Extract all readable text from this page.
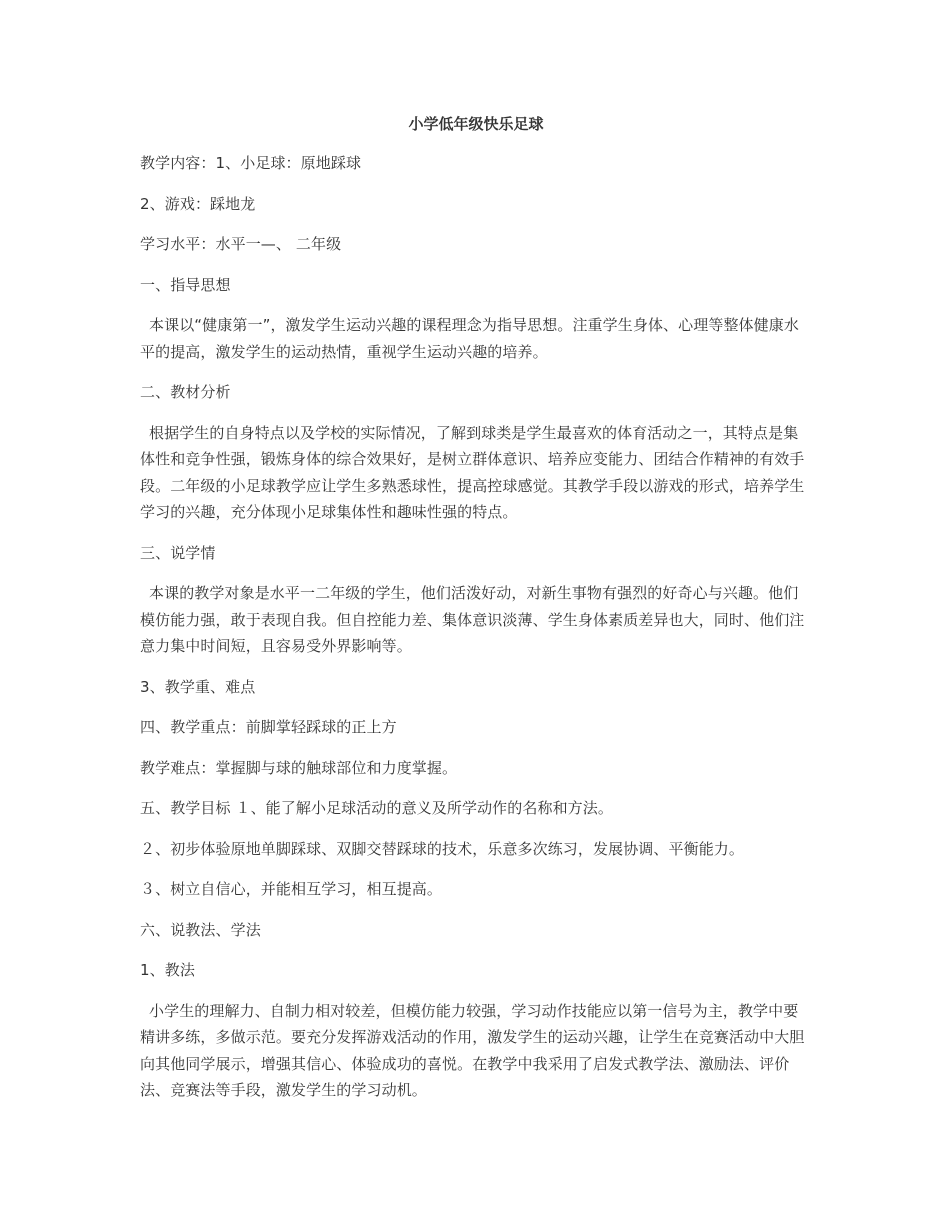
小学低年级快乐足球
教学内容：1、小足球：原地踩球
2、游戏：踩地龙
学习水平：水平一—、 二年级
一、指导思想
本课以“健康第一”，激发学生运动兴趣的课程理念为指导思想。注重学生身体、心理等整体健康水平的提高，激发学生的运动热情，重视学生运动兴趣的培养。
二、教材分析
根据学生的自身特点以及学校的实际情况，了解到球类是学生最喜欢的体育活动之一，其特点是集体性和竞争性强，锻炼身体的综合效果好，是树立群体意识、培养应变能力、团结合作精神的有效手段。二年级的小足球教学应让学生多熟悉球性，提高控球感觉。其教学手段以游戏的形式，培养学生学习的兴趣，充分体现小足球集体性和趣味性强的特点。
三、说学情
本课的教学对象是水平一二年级的学生，他们活泼好动，对新生事物有强烈的好奇心与兴趣。他们模仿能力强，敢于表现自我。但自控能力差、集体意识淡薄、学生身体素质差异也大，同时、他们注意力集中时间短，且容易受外界影响等。
3、教学重、难点
四、教学重点：前脚掌轻踩球的正上方
教学难点：掌握脚与球的触球部位和力度掌握。
五、教学目标 １、能了解小足球活动的意义及所学动作的名称和方法。
２、初步体验原地单脚踩球、双脚交替踩球的技术，乐意多次练习，发展协调、平衡能力。
３、树立自信心，并能相互学习，相互提高。
六、说教法、学法
1、教法
小学生的理解力、自制力相对较差，但模仿能力较强，学习动作技能应以第一信号为主，教学中要精讲多练，多做示范。要充分发挥游戏活动的作用，激发学生的运动兴趣，让学生在竞赛活动中大胆向其他同学展示，增强其信心、体验成功的喜悦。在教学中我采用了启发式教学法、激励法、评价法、竞赛法等手段，激发学生的学习动机。
